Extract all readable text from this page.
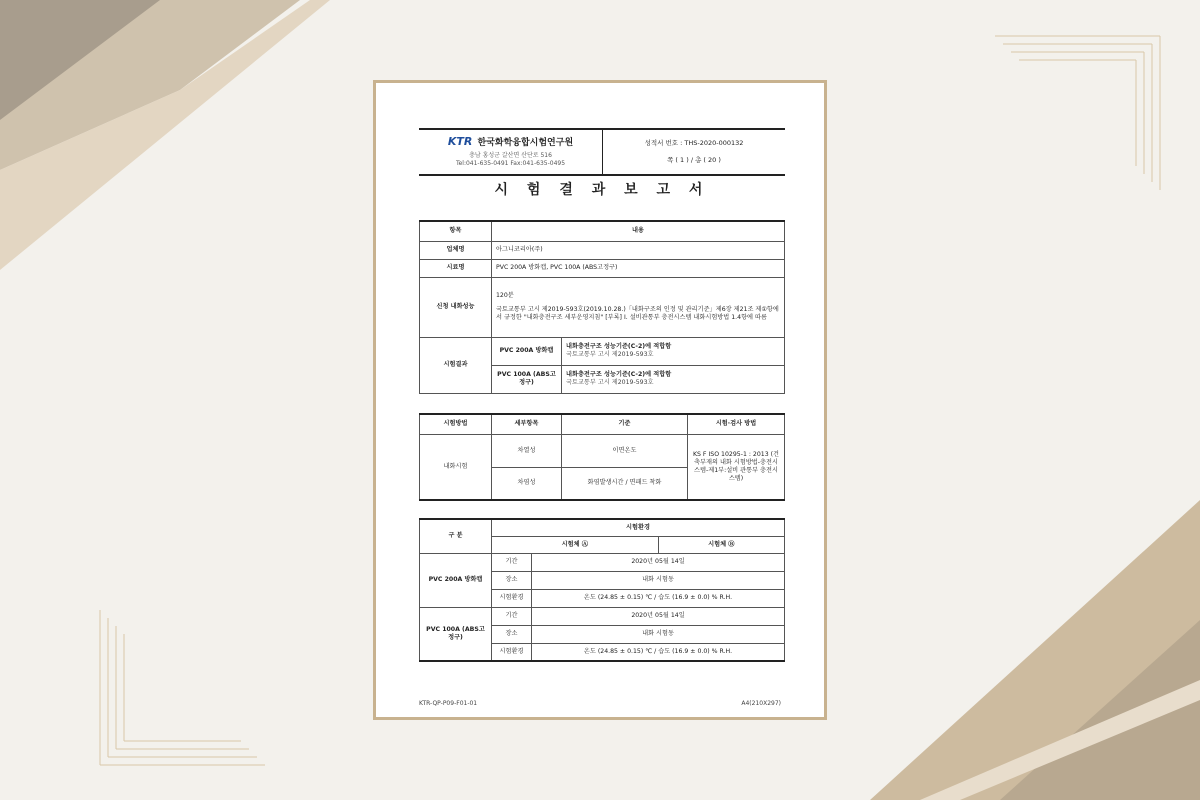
KTR 한국화학융합시험연구원
충남 홍성군 갈산면 산단로 516
Tel:041-635-0491 Fax:041-635-0495
성적서 번호 : THS-2020-000132
쪽 ( 1 ) / 총 ( 20 )
시 험 결 과 보 고 서
항목	내용	
업체명	아그니코리아(주)	
시료명	PVC 200A 방화캡, PVC 100A (ABS고정구)	
신청 내화성능	120분
국토교통부 고시 제2019-593호(2019.10.28.)「내화구조의 인정 및 관리기준」제6장 제21조 제①항에서 규정한 "내화충전구조 세부운영지침" [부록] Ⅰ. 설비관통부 충전시스템 내화시험방법 1.4항에 따름	

시험결과	PVC 200A 방화캡	내화충전구조 성능기준(C-2)에 적합함
국토교통부 고시 제2019-593호

	PVC 100A (ABS고정구)	내화충전구조 성능기준(C-2)에 적합함
국토교통부 고시 제2019-593호
시험방법	세부항목	기준	시험·검사 방법
내화시험	차열성	이면온도	KS F ISO 10295-1 : 2013 (건축부재의 내화 시험방법-충전시스템-제1부:설비 관통부 충전시스템)
	차염성	화염발생시간 / 면패드 착화	
구 분	시험환경		
	시험체 Ⓐ		시험체 Ⓑ
PVC 200A 방화캡	기간	2020년 05월 14일	
	장소	내화 시험동	
	시험환경	온도 (24.85 ± 0.15) ℃ / 습도 (16.9 ± 0.0) % R.H.	
PVC 100A (ABS고정구)	기간	2020년 05월 14일	
	장소	내화 시험동	
	시험환경	온도 (24.85 ± 0.15) ℃ / 습도 (16.9 ± 0.0) % R.H.	
KTR-QP-P09-F01-01	A4(210X297)
